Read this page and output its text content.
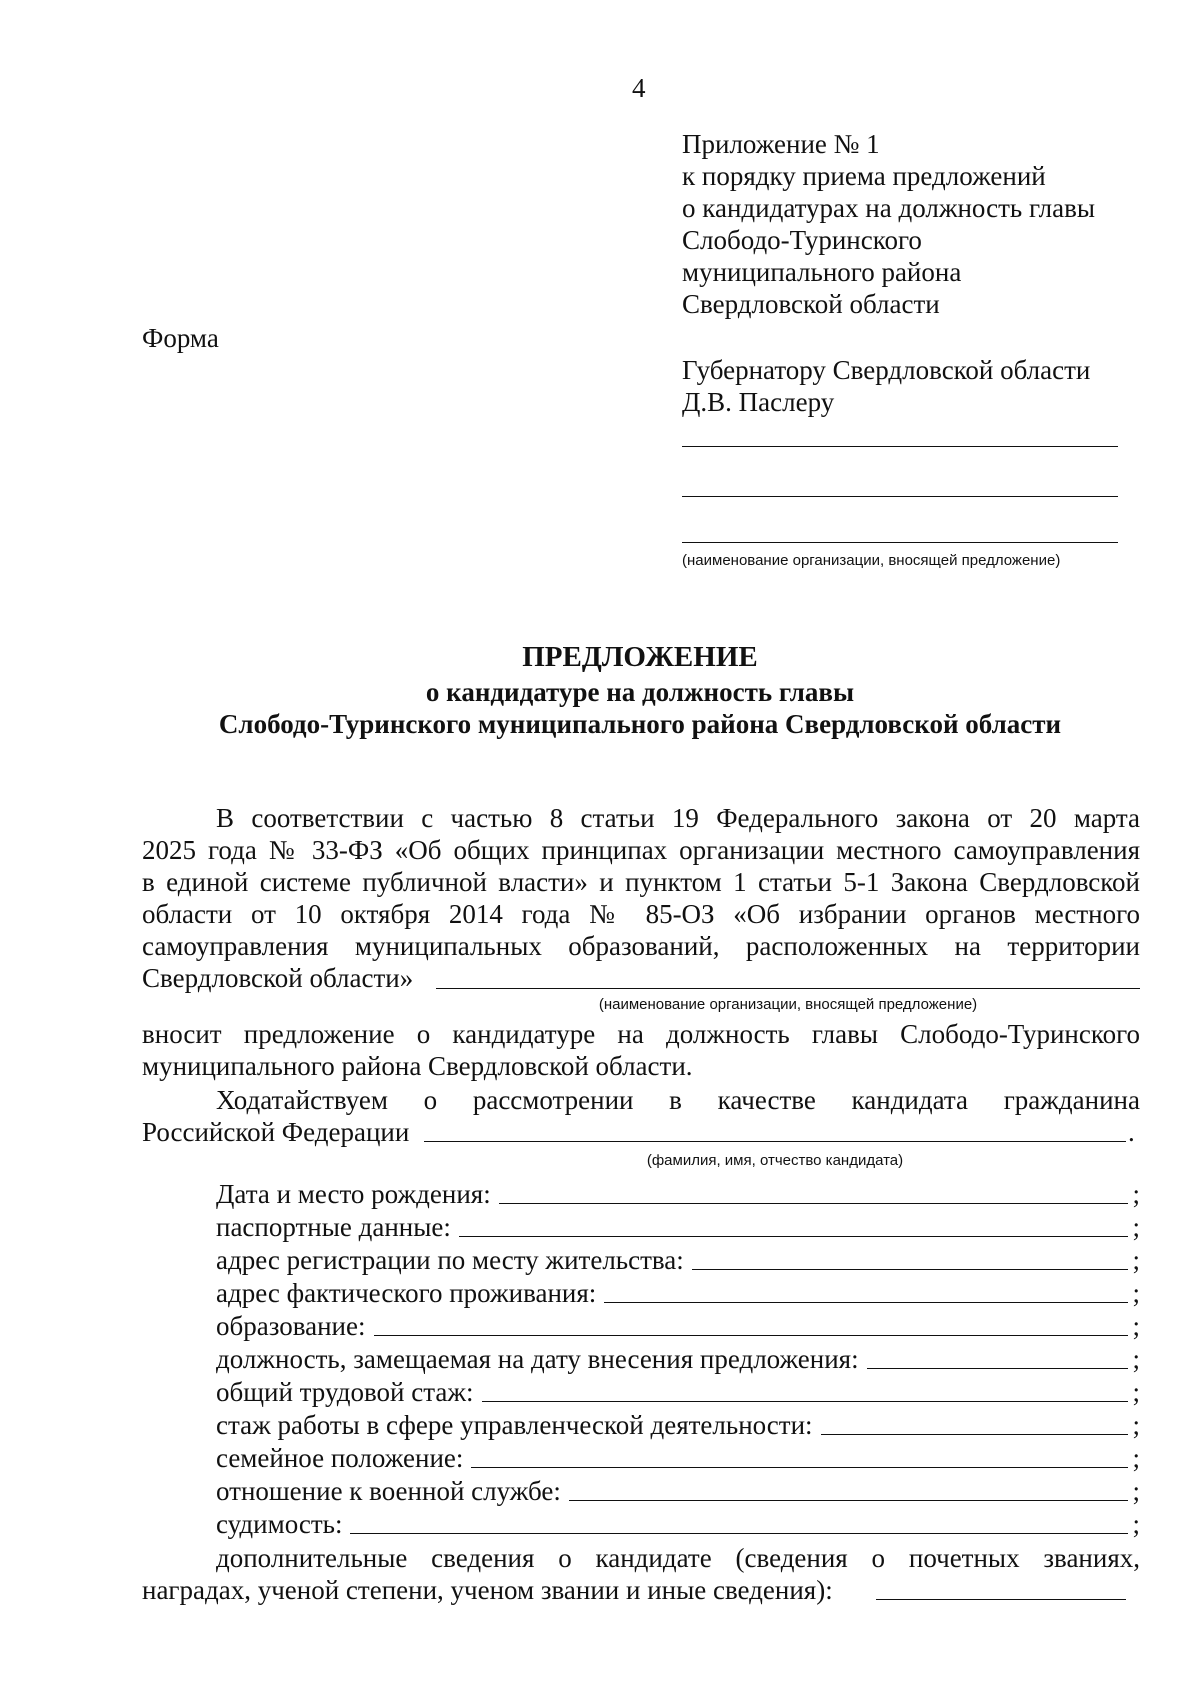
4
Приложение № 1
к порядку приема предложений
о кандидатурах на должность главы
Слободо-Туринского
муниципального района
Свердловской области
Форма
Губернатору Свердловской области
Д.В. Паслеру
(наименование организации, вносящей предложение)
ПРЕДЛОЖЕНИЕ
о кандидатуре на должность главы
Слободо-Туринского муниципального района Свердловской области
В соответствии с частью 8 статьи 19 Федерального закона от 20 марта
2025 года № 33-ФЗ «Об общих принципах организации местного самоуправления
в единой системе публичной власти» и пунктом 1 статьи 5-1 Закона Свердловской
области от 10 октября 2014 года № 85-ОЗ «Об избрании органов местного
самоуправления муниципальных образований, расположенных на территории
Свердловской области»
(наименование организации, вносящей предложение)
вносит предложение о кандидатуре на должность главы Слободо-Туринского
муниципального района Свердловской области.
Ходатайствуем о рассмотрении в качестве кандидата гражданина
Российской Федерации	.
(фамилия, имя, отчество кандидата)
Дата и место рождения:	;
паспортные данные:	;
адрес регистрации по месту жительства:	;
адрес фактического проживания:	;
образование:	;
должность, замещаемая на дату внесения предложения:	;
общий трудовой стаж:	;
стаж работы в сфере управленческой деятельности:	;
семейное положение:	;
отношение к военной службе:	;
судимость:	;
дополнительные сведения о кандидате (сведения о почетных званиях,
наградах, ученой степени, ученом звании и иные сведения):
